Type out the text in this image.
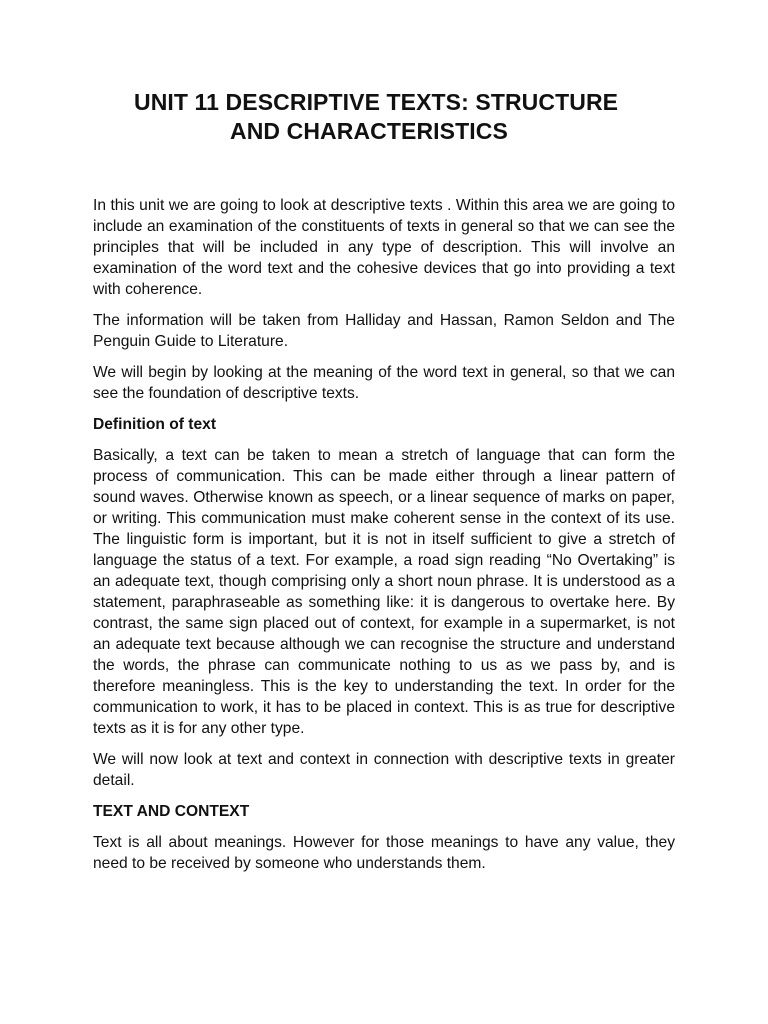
UNIT 11 DESCRIPTIVE TEXTS: STRUCTURE
AND CHARACTERISTICS

In this unit we are going to look at descriptive texts . Within this area we are going to include an examination of the constituents of texts in general so that we can see the principles that will be included in any type of description. This will involve an examination of the word text and the cohesive devices that go into providing a text with coherence.

The information will be taken from Halliday and Hassan, Ramon Seldon and The Penguin Guide to Literature.

We will begin by looking at the meaning of the word text in general, so that we can see the foundation of descriptive texts.

Definition of text

Basically, a text can be taken to mean a stretch of language that can form the process of communication. This can be made either through a linear pattern of sound waves. Otherwise known as speech, or a linear sequence of marks on paper, or writing. This communication must make coherent sense in the context of its use. The linguistic form is important, but it is not in itself sufficient to give a stretch of language the status of a text. For example, a road sign reading “No Overtaking” is an adequate text, though comprising only a short noun phrase. It is understood as a statement, paraphraseable as something like: it is dangerous to overtake here. By contrast, the same sign placed out of context, for example in a supermarket, is not an adequate text because although we can recognise the structure and understand the words, the phrase can communicate nothing to us as we pass by, and is therefore meaningless. This is the key to understanding the text. In order for the communication to work, it has to be placed in context. This is as true for descriptive texts as it is for any other type.

We will now look at text and context in connection with descriptive texts in greater detail.

TEXT AND CONTEXT

Text is all about meanings. However for those meanings to have any value, they need to be received by someone who understands them.
